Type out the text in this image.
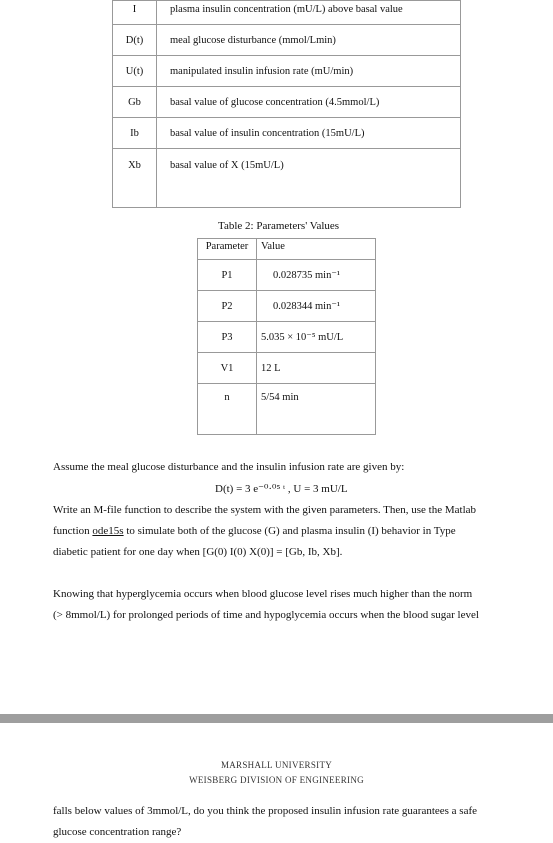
I	plasma insulin concentration (mU/L) above basal value
D(t)	meal glucose disturbance (mmol/Lmin)
U(t)	manipulated insulin infusion rate (mU/min)
Gb	basal value of glucose concentration (4.5mmol/L)
Ib	basal value of insulin concentration (15mU/L)
Xb	basal value of X (15mU/L)
Table 2: Parameters' Values
Parameter	Value
P1	0.028735 min⁻¹
P2	0.028344 min⁻¹
P3	5.035 × 10⁻⁵ mU/L
V1	12 L
n	5/54 min
Assume the meal glucose disturbance and the insulin infusion rate are given by:
D(t) = 3 e⁻⁰·⁰⁵ ᵗ , U = 3 mU/L
Write an M-file function to describe the system with the given parameters. Then, use the Matlab
function ode15s to simulate both of the glucose (G) and plasma insulin (I) behavior in Type
diabetic patient for one day when [G(0) I(0) X(0)] = [Gb, Ib, Xb].
Knowing that hyperglycemia occurs when blood glucose level rises much higher than the norm
(> 8mmol/L) for prolonged periods of time and hypoglycemia occurs when the blood sugar level
MARSHALL UNIVERSITY
WEISBERG DIVISION OF ENGINEERING
falls below values of 3mmol/L, do you think the proposed insulin infusion rate guarantees a safe
glucose concentration range?
